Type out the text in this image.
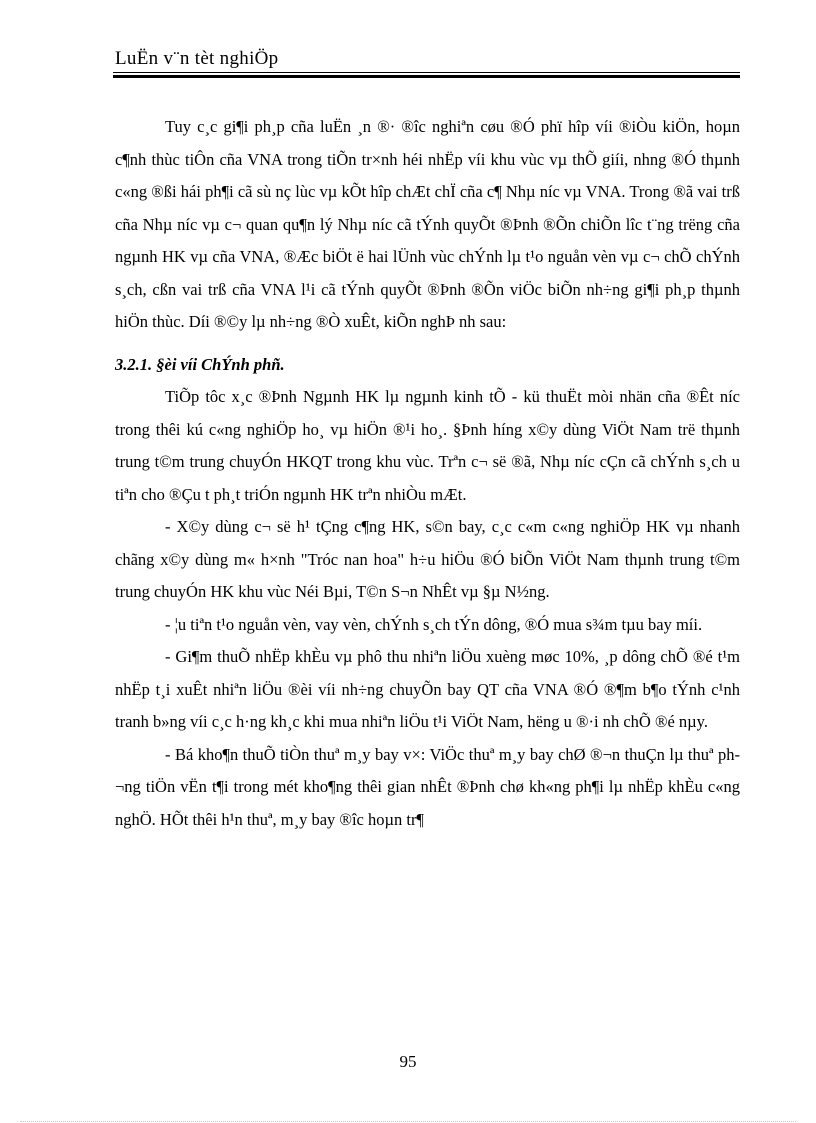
LuËn v¨n tèt nghiÖp

Tuy c¸c gi¶i ph¸p cña luËn ¸n ®· ®îc nghiªn cøu ®Ó phï hîp víi ®iÒu kiÖn, hoµn c¶nh thùc tiÔn cña VNA trong tiÕn tr×nh héi nhËp víi khu vùc vµ thÕ giíi, nhng ®Ó thµnh c«ng ®ßi hái ph¶i cã sù nç lùc vµ kÕt hîp chÆt chÏ cña c¶ Nhµ níc vµ VNA. Trong ®ã vai trß cña Nhµ níc vµ c¬ quan qu¶n lý Nhµ níc cã tÝnh quyÕt ®Þnh ®Õn chiÕn lîc t¨ng trëng cña ngµnh HK vµ cña VNA, ®Æc biÖt ë hai lÜnh vùc chÝnh lµ t¹o nguån vèn vµ c¬ chÕ chÝnh s¸ch, cßn vai trß cña VNA l¹i cã tÝnh quyÕt ®Þnh ®Õn viÖc biÕn nh÷ng gi¶i ph¸p thµnh hiÖn thùc. Díi ®©y lµ nh÷ng ®Ò xuÊt, kiÕn nghÞ nh sau:

3.2.1. §èi víi ChÝnh phñ.

TiÕp tôc x¸c ®Þnh Ngµnh HK lµ ngµnh kinh tÕ - kü thuËt mòi nhän cña ®Êt níc trong thêi kú c«ng nghiÖp ho¸ vµ hiÖn ®¹i ho¸. §Þnh híng x©y dùng ViÖt Nam trë thµnh trung t©m trung chuyÓn HKQT trong khu vùc. Trªn c¬ së ®ã, Nhµ níc cÇn cã chÝnh s¸ch u tiªn cho ®Çu t ph¸t triÓn ngµnh HK trªn nhiÒu mÆt.

- X©y dùng c¬ së h¹ tÇng c¶ng HK, s©n bay, c¸c c«m c«ng nghiÖp HK vµ nhanh chãng x©y dùng m« h×nh "Tróc nan hoa" h÷u hiÖu ®Ó biÕn ViÖt Nam thµnh trung t©m trung chuyÓn HK khu vùc Néi Bµi, T©n S¬n NhÊt vµ §µ N½ng.

- ¦u tiªn t¹o nguån vèn, vay vèn, chÝnh s¸ch tÝn dông, ®Ó mua s¾m tµu bay míi.

- Gi¶m thuÕ nhËp khÈu vµ phô thu nhiªn liÖu xuèng møc 10%, ¸p dông chÕ ®é t¹m nhËp t¸i xuÊt nhiªn liÖu ®èi víi nh÷ng chuyÕn bay QT cña VNA ®Ó ®¶m b¶o tÝnh c¹nh tranh b»ng víi c¸c h·ng kh¸c khi mua nhiªn liÖu t¹i ViÖt Nam, hëng u ®·i nh chÕ ®é nµy.

- Bá kho¶n thuÕ tiÒn thuª m¸y bay v×: ViÖc thuª m¸y bay chØ ®¬n thuÇn lµ thuª ph¬ng tiÖn vËn t¶i trong mét kho¶ng thêi gian nhÊt ®Þnh chø kh«ng ph¶i lµ nhËp khÈu c«ng nghÖ. HÕt thêi h¹n thuª, m¸y bay ®îc hoµn tr¶

95
